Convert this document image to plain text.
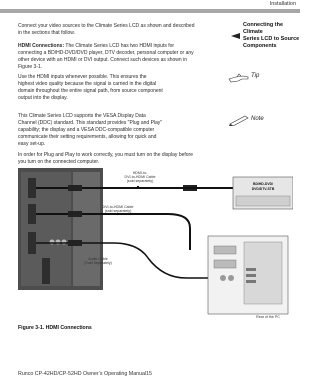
Installation
Connect your video sources to the Climate Series LCD as shown and described
in the sections that follow.
Connecting the Climate
Series LCD to Source
Components
HDMI Connections: The Climate Series LCD has two HDMI inputs for
connecting a BD/HD-DVD/DVD player, DTV decoder, personal computer or any
other device with an HDMI or DVI output. Connect such devices as shown in
Figure 3-1.
Use the HDMI inputs whenever possible. This ensures the
highest video quality because the signal is carried in the digital
domain throughout the entire signal path, from source component
output into the display.
Tip
This Climate Series LCD supports the VESA Display Data
Channel (DDC) standard. This standard provides "Plug and Play"
capability; the display and a VESA DDC-compatible computer
communicate their setting requirements, allowing for quick and
easy set-up.
Note
In order for Plug and Play to work correctly, you must turn on the display before
you turn on the connected computer.
HDMI-to-
DVI-to-HDMI Cable
(sold separately)
DVI-to-HDMI Cable
(sold separately)
Audio Cable
(Sold Separately)
BD/HD-DVD/
DVD/DTV-STB
Rear of the PC
Figure 3-1. HDMI Connections
Runco CP-42HD/CP-52HD Owner’s Operating Manual 15
